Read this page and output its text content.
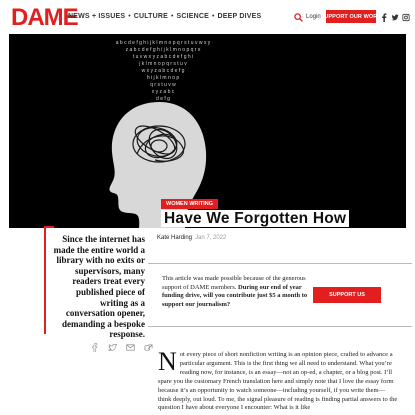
DAME
NEWS + ISSUES • CULTURE • SCIENCE • DEEP DIVES	Login SUPPORT OUR WORK
a b c d e f g h i j k l m n o p q r s t u v w x y
z a b c d e f g h i j k l m n o p q r s
t u v w x y z a b c d e f g h i
j k l m n o p q r s t u v
w x y z a b c d e f g
h i j k l m n o p
q r s t u v w
x y z a b c
d e f g
WOMEN WRITING
Have We Forgotten How

Since the internet has made the entire world a library with no exits or supervisors, many readers treat every published piece of writing as a conversation opener, demanding a bespoke response.
Kate Harding Jan 7, 2022
This article was made possible because of the generous support of DAME members. During our end of year funding drive, will you contribute just $5 a month to support our journalism?
SUPPORT US
Not every piece of short nonfiction writing is an opinion piece, crafted to advance a particular argument. This is the first thing we all need to understand. What you’re reading now, for instance, is an essay—not an op-ed, a chapter, or a blog post. I’ll spare you the customary French translation here and simply note that I love the essay form because it’s an opportunity to watch someone—including yourself, if you write them—think deeply, out loud. To me, the signal pleasure of reading is finding partial answers to the question I have about everyone I encounter: What is it like
